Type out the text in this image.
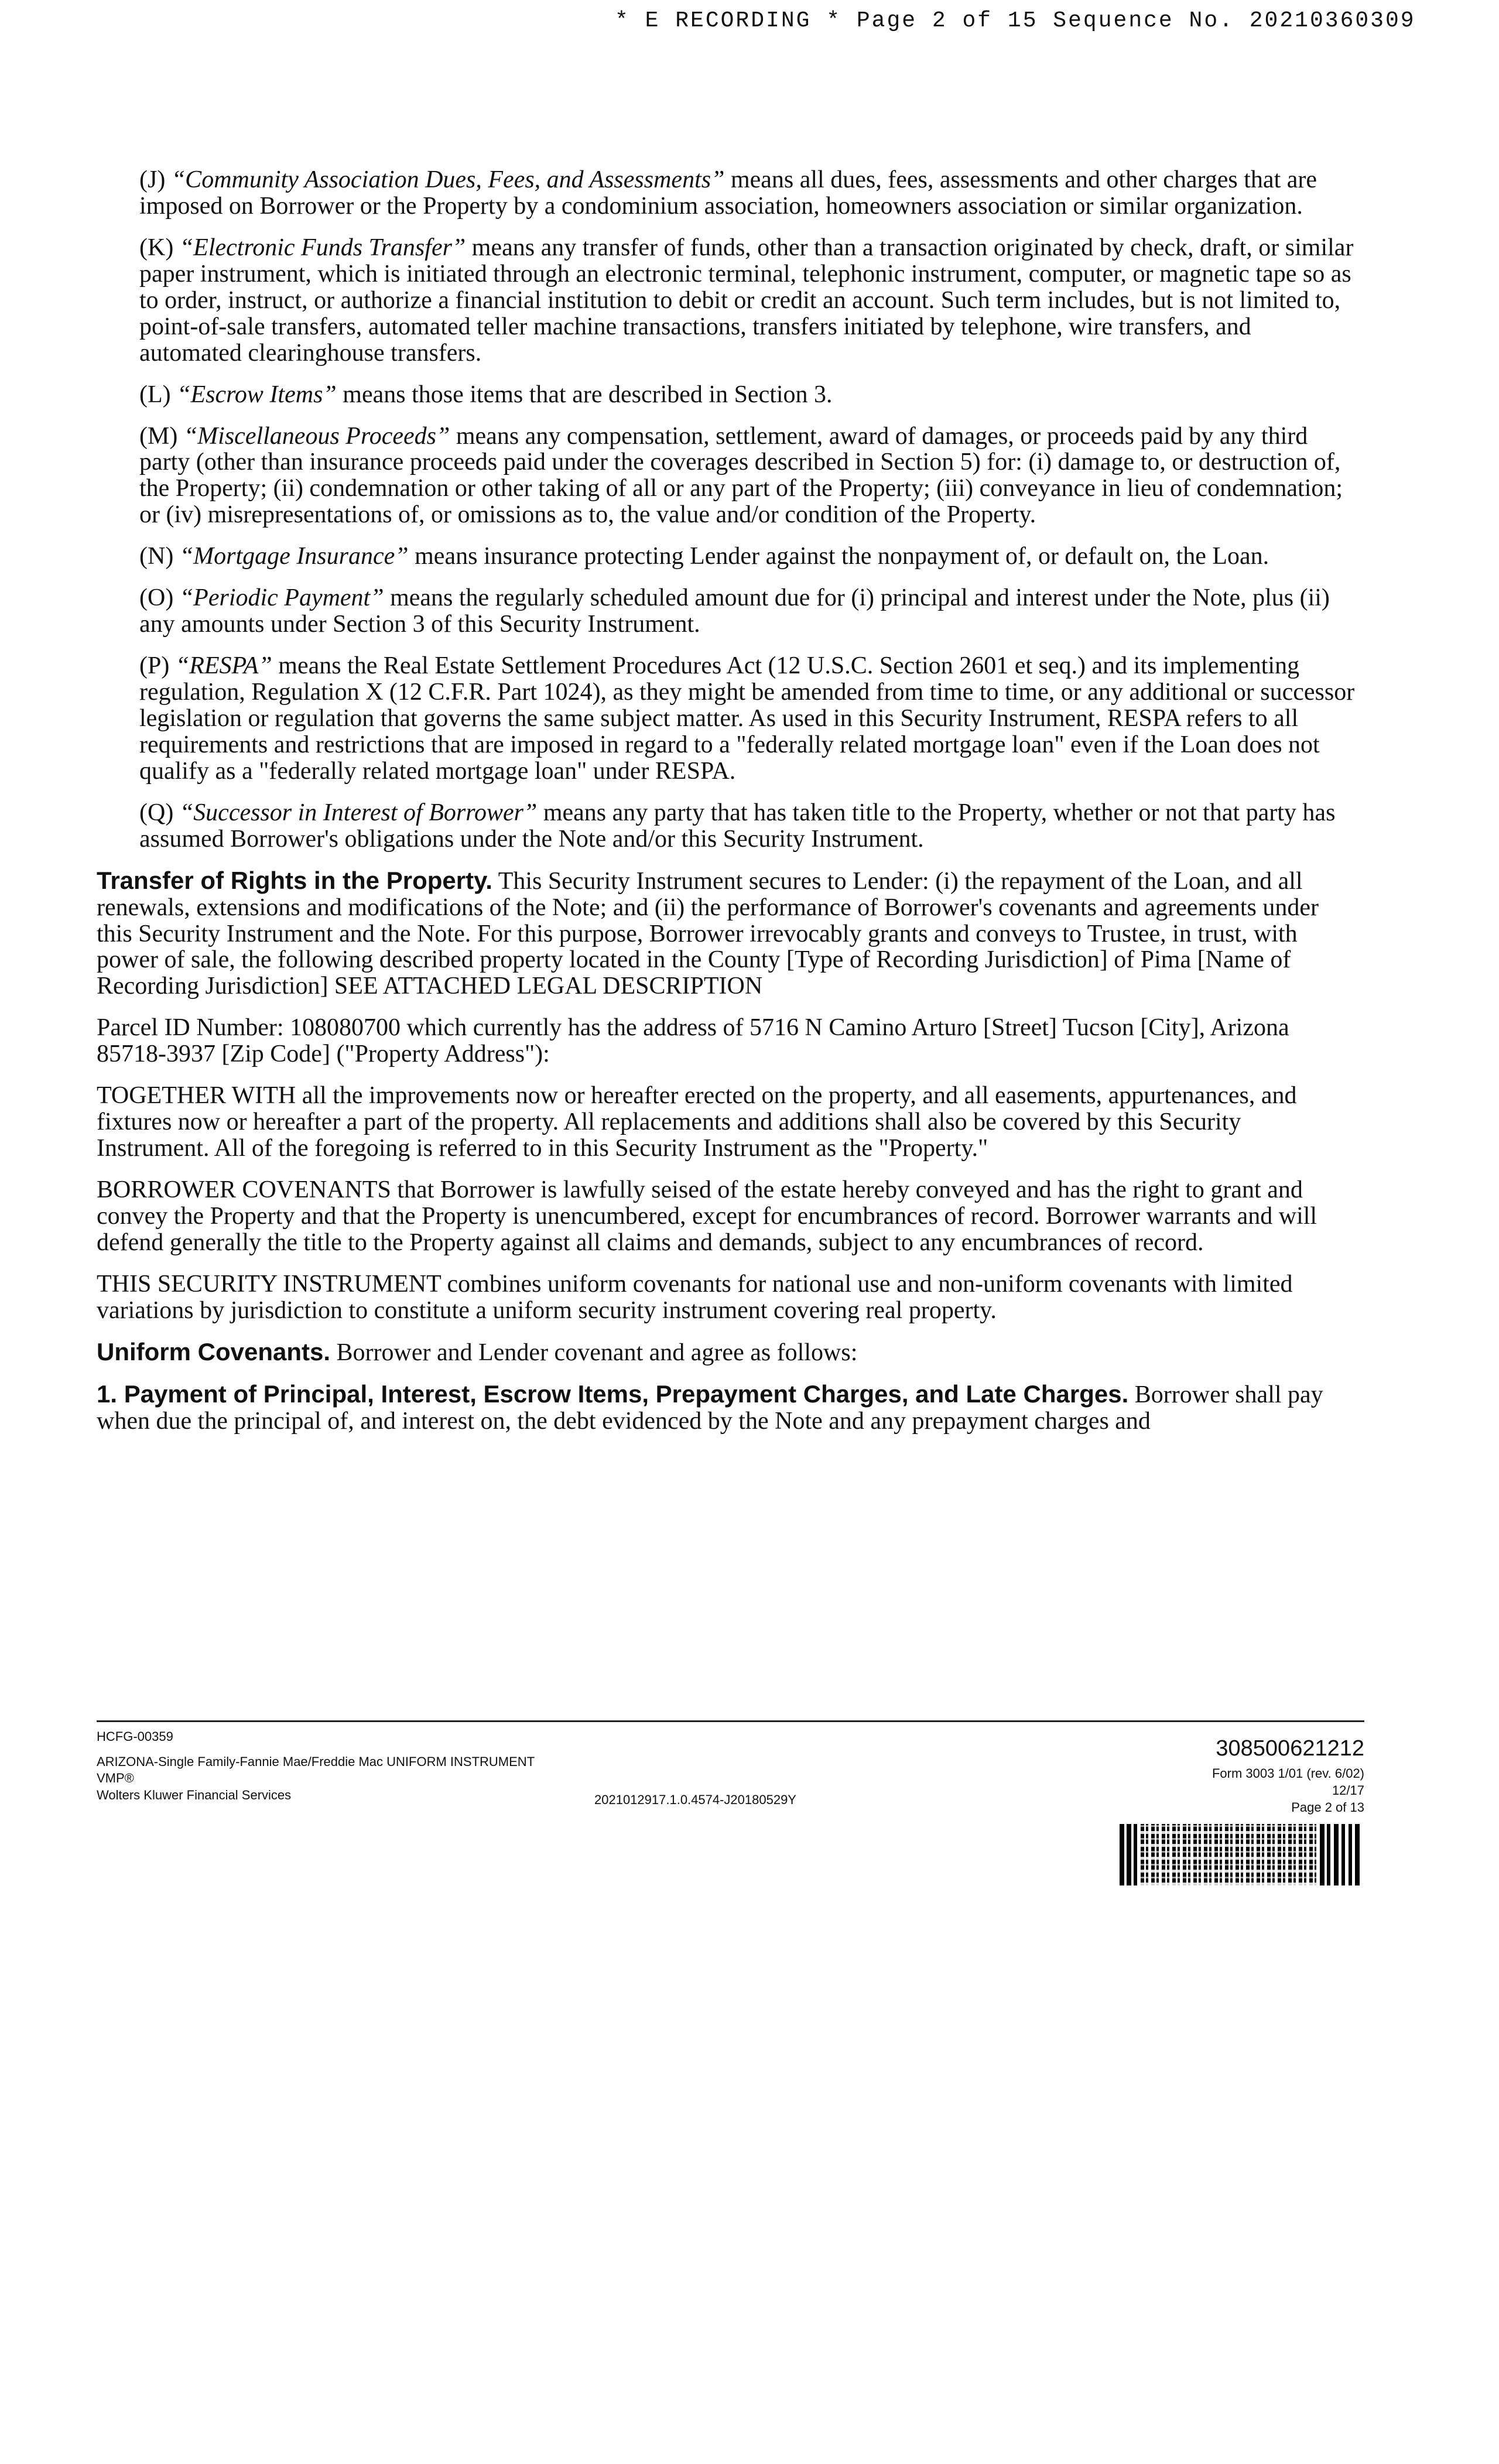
* E RECORDING * Page 2 of 15 Sequence No. 20210360309

(J) “Community Association Dues, Fees, and Assessments” means all dues, fees, assessments and other charges that are imposed on Borrower or the Property by a condominium association, homeowners association or similar organization.

(K) “Electronic Funds Transfer” means any transfer of funds, other than a transaction originated by check, draft, or similar paper instrument, which is initiated through an electronic terminal, telephonic instrument, computer, or magnetic tape so as to order, instruct, or authorize a financial institution to debit or credit an account. Such term includes, but is not limited to, point-of-sale transfers, automated teller machine transactions, transfers initiated by telephone, wire transfers, and automated clearinghouse transfers.

(L) “Escrow Items” means those items that are described in Section 3.

(M) “Miscellaneous Proceeds” means any compensation, settlement, award of damages, or proceeds paid by any third party (other than insurance proceeds paid under the coverages described in Section 5) for: (i) damage to, or destruction of, the Property; (ii) condemnation or other taking of all or any part of the Property; (iii) conveyance in lieu of condemnation; or (iv) misrepresentations of, or omissions as to, the value and/or condition of the Property.

(N) “Mortgage Insurance” means insurance protecting Lender against the nonpayment of, or default on, the Loan.

(O) “Periodic Payment” means the regularly scheduled amount due for (i) principal and interest under the Note, plus (ii) any amounts under Section 3 of this Security Instrument.

(P) “RESPA” means the Real Estate Settlement Procedures Act (12 U.S.C. Section 2601 et seq.) and its implementing regulation, Regulation X (12 C.F.R. Part 1024), as they might be amended from time to time, or any additional or successor legislation or regulation that governs the same subject matter. As used in this Security Instrument, RESPA refers to all requirements and restrictions that are imposed in regard to a "federally related mortgage loan" even if the Loan does not qualify as a "federally related mortgage loan" under RESPA.

(Q) “Successor in Interest of Borrower” means any party that has taken title to the Property, whether or not that party has assumed Borrower's obligations under the Note and/or this Security Instrument.

Transfer of Rights in the Property. This Security Instrument secures to Lender: (i) the repayment of the Loan, and all renewals, extensions and modifications of the Note; and (ii) the performance of Borrower's covenants and agreements under this Security Instrument and the Note. For this purpose, Borrower irrevocably grants and conveys to Trustee, in trust, with power of sale, the following described property located in the County [Type of Recording Jurisdiction] of Pima [Name of Recording Jurisdiction] SEE ATTACHED LEGAL DESCRIPTION

Parcel ID Number: 108080700 which currently has the address of 5716 N Camino Arturo [Street] Tucson [City], Arizona 85718-3937 [Zip Code] ("Property Address"):

TOGETHER WITH all the improvements now or hereafter erected on the property, and all easements, appurtenances, and fixtures now or hereafter a part of the property. All replacements and additions shall also be covered by this Security Instrument. All of the foregoing is referred to in this Security Instrument as the "Property."

BORROWER COVENANTS that Borrower is lawfully seised of the estate hereby conveyed and has the right to grant and convey the Property and that the Property is unencumbered, except for encumbrances of record. Borrower warrants and will defend generally the title to the Property against all claims and demands, subject to any encumbrances of record.

THIS SECURITY INSTRUMENT combines uniform covenants for national use and non-uniform covenants with limited variations by jurisdiction to constitute a uniform security instrument covering real property.

Uniform Covenants. Borrower and Lender covenant and agree as follows:

1. Payment of Principal, Interest, Escrow Items, Prepayment Charges, and Late Charges. Borrower shall pay when due the principal of, and interest on, the debt evidenced by the Note and any prepayment charges and

HCFG-00359
ARIZONA-Single Family-Fannie Mae/Freddie Mac UNIFORM INSTRUMENT
VMP®
Wolters Kluwer Financial Services	2021012917.1.0.4574-J20180529Y
308500621212
Form 3003 1/01 (rev. 6/02)
12/17
Page 2 of 13
